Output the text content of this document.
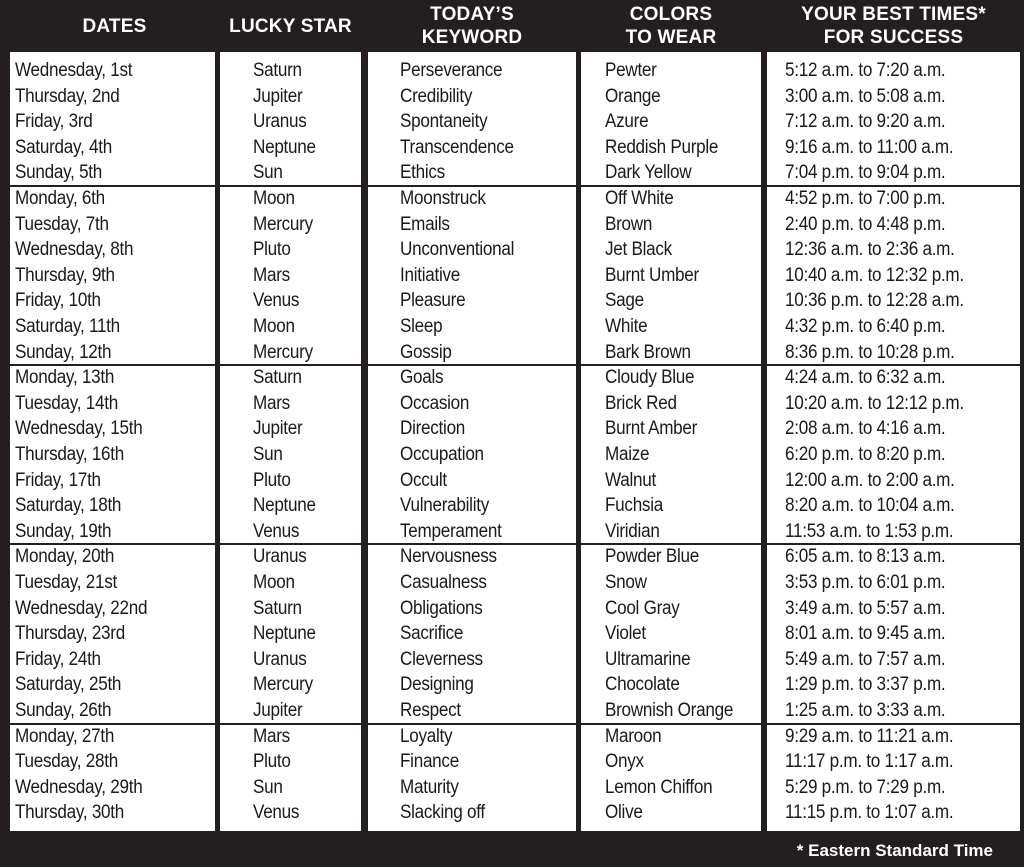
DATES	LUCKY STAR
TODAY’S
KEYWORD
COLORS
TO WEAR
YOUR BEST TIMES*
FOR SUCCESS
Wednesday, 1st
Thursday, 2nd
Friday, 3rd
Saturday, 4th
Sunday, 5th
Monday, 6th
Tuesday, 7th
Wednesday, 8th
Thursday, 9th
Friday, 10th
Saturday, 11th
Sunday, 12th
Monday, 13th
Tuesday, 14th
Wednesday, 15th
Thursday, 16th
Friday, 17th
Saturday, 18th
Sunday, 19th
Monday, 20th
Tuesday, 21st
Wednesday, 22nd
Thursday, 23rd
Friday, 24th
Saturday, 25th
Sunday, 26th
Monday, 27th
Tuesday, 28th
Wednesday, 29th
Thursday, 30th
Saturn
Jupiter
Uranus
Neptune
Sun
Moon
Mercury
Pluto
Mars
Venus
Moon
Mercury
Saturn
Mars
Jupiter
Sun
Pluto
Neptune
Venus
Uranus
Moon
Saturn
Neptune
Uranus
Mercury
Jupiter
Mars
Pluto
Sun
Venus
Perseverance
Credibility
Spontaneity
Transcendence
Ethics
Moonstruck
Emails
Unconventional
Initiative
Pleasure
Sleep
Gossip
Goals
Occasion
Direction
Occupation
Occult
Vulnerability
Temperament
Nervousness
Casualness
Obligations
Sacrifice
Cleverness
Designing
Respect
Loyalty
Finance
Maturity
Slacking off
Pewter
Orange
Azure
Reddish Purple
Dark Yellow
Off White
Brown
Jet Black
Burnt Umber
Sage
White
Bark Brown
Cloudy Blue
Brick Red
Burnt Amber
Maize
Walnut
Fuchsia
Viridian
Powder Blue
Snow
Cool Gray
Violet
Ultramarine
Chocolate
Brownish Orange
Maroon
Onyx
Lemon Chiffon
Olive
5:12 a.m. to 7:20 a.m.
3:00 a.m. to 5:08 a.m.
7:12 a.m. to 9:20 a.m.
9:16 a.m. to 11:00 a.m.
7:04 p.m. to 9:04 p.m.
4:52 p.m. to 7:00 p.m.
2:40 p.m. to 4:48 p.m.
12:36 a.m. to 2:36 a.m.
10:40 a.m. to 12:32 p.m.
10:36 p.m. to 12:28 a.m.
4:32 p.m. to 6:40 p.m.
8:36 p.m. to 10:28 p.m.
4:24 a.m. to 6:32 a.m.
10:20 a.m. to 12:12 p.m.
2:08 a.m. to 4:16 a.m.
6:20 p.m. to 8:20 p.m.
12:00 a.m. to 2:00 a.m.
8:20 a.m. to 10:04 a.m.
11:53 a.m. to 1:53 p.m.
6:05 a.m. to 8:13 a.m.
3:53 p.m. to 6:01 p.m.
3:49 a.m. to 5:57 a.m.
8:01 a.m. to 9:45 a.m.
5:49 a.m. to 7:57 a.m.
1:29 p.m. to 3:37 p.m.
1:25 a.m. to 3:33 a.m.
9:29 a.m. to 11:21 a.m.
11:17 p.m. to 1:17 a.m.
5:29 p.m. to 7:29 p.m.
11:15 p.m. to 1:07 a.m.
* Eastern Standard Time
